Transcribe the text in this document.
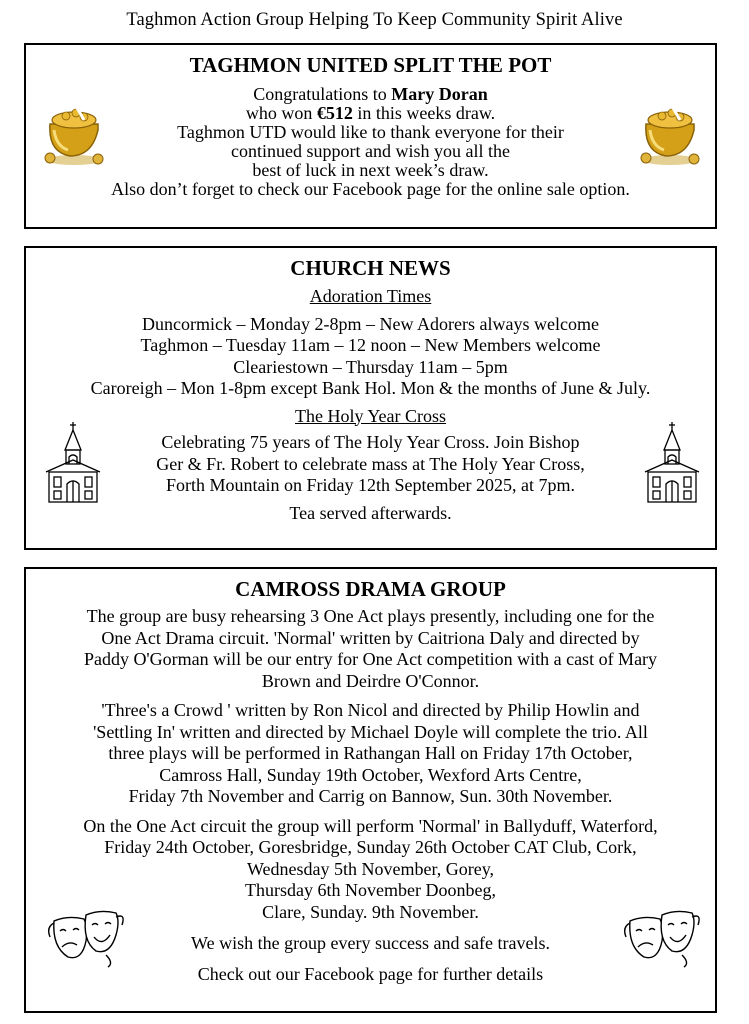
Taghmon Action Group Helping To Keep Community Spirit Alive
TAGHMON UNITED SPLIT THE POT
Congratulations to Mary Doran
who won €512 in this weeks draw.
Taghmon UTD would like to thank everyone for their
continued support and wish you all the
best of luck in next week’s draw.
Also don’t forget to check our Facebook page for the online sale option.
CHURCH NEWS
Adoration Times
Duncormick – Monday 2-8pm – New Adorers always welcome
Taghmon – Tuesday 11am – 12 noon – New Members welcome
Cleariestown – Thursday 11am – 5pm
Caroreigh – Mon 1-8pm except Bank Hol. Mon & the months of June & July.
The Holy Year Cross
Celebrating 75 years of The Holy Year Cross. Join Bishop
Ger & Fr. Robert to celebrate mass at The Holy Year Cross,
Forth Mountain on Friday 12th September 2025, at 7pm.
Tea served afterwards.
CAMROSS DRAMA GROUP
The group are busy rehearsing 3 One Act plays presently, including one for the
One Act Drama circuit. 'Normal' written by Caitriona Daly and directed by
Paddy O'Gorman will be our entry for One Act competition with a cast of Mary
Brown and Deirdre O'Connor.
'Three's a Crowd ' written by Ron Nicol and directed by Philip Howlin and
'Settling In' written and directed by Michael Doyle will complete the trio. All
three plays will be performed in Rathangan Hall on Friday 17th October,
Camross Hall, Sunday 19th October, Wexford Arts Centre,
Friday 7th November and Carrig on Bannow, Sun. 30th November.
On the One Act circuit the group will perform 'Normal' in Ballyduff, Waterford,
Friday 24th October, Goresbridge, Sunday 26th October CAT Club, Cork,
Wednesday 5th November, Gorey,
Thursday 6th November Doonbeg,
Clare, Sunday. 9th November.
We wish the group every success and safe travels.
Check out our Facebook page for further details
